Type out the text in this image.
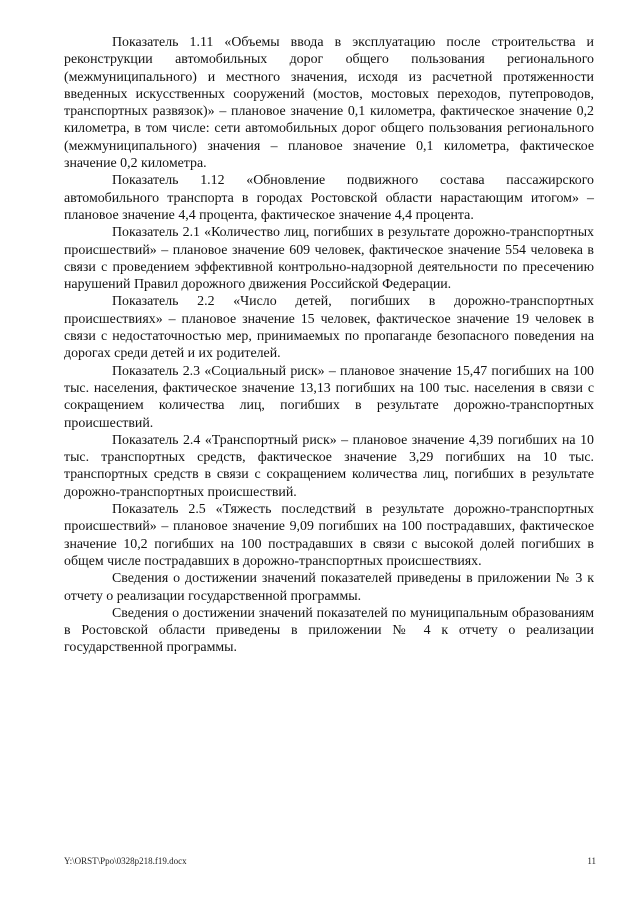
Показатель 1.11 «Объемы ввода в эксплуатацию после строительства и реконструкции автомобильных дорог общего пользования регионального (межмуниципального) и местного значения, исходя из расчетной протяженности введенных искусственных сооружений (мостов, мостовых переходов, путепроводов, транспортных развязок)» – плановое значение 0,1 километра, фактическое значение 0,2 километра, в том числе: сети автомобильных дорог общего пользования регионального (межмуниципального) значения – плановое значение 0,1 километра, фактическое значение 0,2 километра.

Показатель 1.12 «Обновление подвижного состава пассажирского автомобильного транспорта в городах Ростовской области нарастающим итогом» – плановое значение 4,4 процента, фактическое значение 4,4 процента.

Показатель 2.1 «Количество лиц, погибших в результате дорожно-транспортных происшествий» – плановое значение 609 человек, фактическое значение 554 человека в связи с проведением эффективной контрольно-надзорной деятельности по пресечению нарушений Правил дорожного движения Российской Федерации.

Показатель 2.2 «Число детей, погибших в дорожно-транспортных происшествиях» – плановое значение 15 человек, фактическое значение 19 человек в связи с недостаточностью мер, принимаемых по пропаганде безопасного поведения на дорогах среди детей и их родителей.

Показатель 2.3 «Социальный риск» – плановое значение 15,47 погибших на 100 тыс. населения, фактическое значение 13,13 погибших на 100 тыс. населения в связи с сокращением количества лиц, погибших в результате дорожно-транспортных происшествий.

Показатель 2.4 «Транспортный риск» – плановое значение 4,39 погибших на 10 тыс. транспортных средств, фактическое значение 3,29 погибших на 10 тыс. транспортных средств в связи с сокращением количества лиц, погибших в результате дорожно-транспортных происшествий.

Показатель 2.5 «Тяжесть последствий в результате дорожно-транспортных происшествий» – плановое значение 9,09 погибших на 100 пострадавших, фактическое значение 10,2 погибших на 100 пострадавших в связи с высокой долей погибших в общем числе пострадавших в дорожно-транспортных происшествиях.

Сведения о достижении значений показателей приведены в приложении № 3 к отчету о реализации государственной программы.

Сведения о достижении значений показателей по муниципальным образованиям в Ростовской области приведены в приложении № 4 к отчету о реализации государственной программы.

Y:\ORST\Ppo\0328p218.f19.docx	11
